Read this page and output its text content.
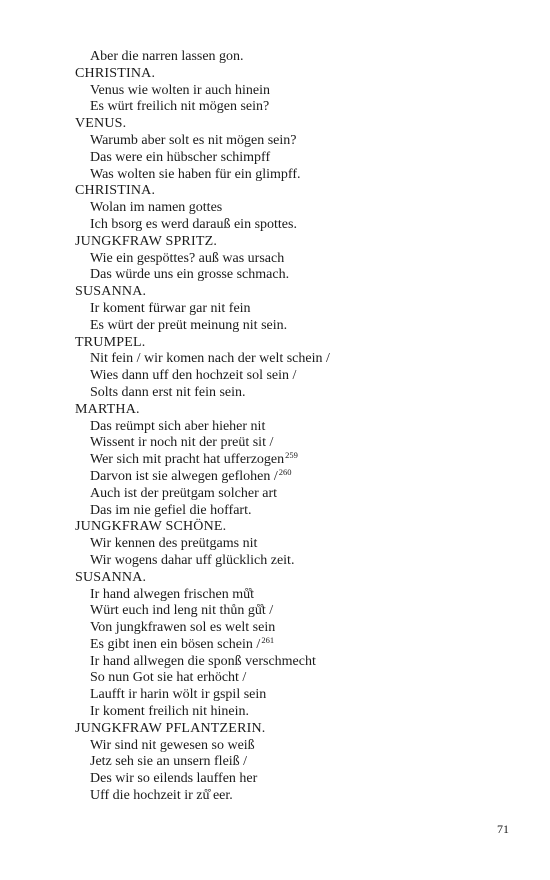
Aber die narren lassen gon.
CHRISTINA.
Venus wie wolten ir auch hinein
Es würt freilich nit mögen sein?
VENUS.
Warumb aber solt es nit mögen sein?
Das were ein hübscher schimpff
Was wolten sie haben für ein glimpff.
CHRISTINA.
Wolan im namen gottes
Ich bsorg es werd darauß ein spottes.
JUNGKFRAW SPRITZ.
Wie ein gespöttes? auß was ursach
Das würde uns ein grosse schmach.
SUSANNA.
Ir koment fürwar gar nit fein
Es würt der preüt meinung nit sein.
TRUMPEL.
Nit fein / wir komen nach der welt schein /
Wies dann uff den hochzeit sol sein /
Solts dann erst nit fein sein.
MARTHA.
Das reümpt sich aber hieher nit
Wissent ir noch nit der preüt sit /
Wer sich mit pracht hat ufferzogen$^{259}$
Darvon ist sie alwegen geflohen /$^{260}$
Auch ist der preütgam solcher art
Das im nie gefiel die hoffart.
JUNGKFRAW SCHÖNE.
Wir kennen des preütgams nit
Wir wogens dahar uff glücklich zeit.
SUSANNA.
Ir hand alwegen frischen mů̊t
Würt euch ind leng nit thůn gů̊t /
Von jungkfrawen sol es welt sein
Es gibt inen ein bösen schein /$^{261}$
Ir hand allwegen die sponß verschmecht
So nun Got sie hat erhöcht /
Laufft ir harin wölt ir gspil sein
Ir koment freilich nit hinein.
JUNGKFRAW PFLANTZERIN.
Wir sind nit gewesen so weiß
Jetz seh sie an unsern fleiß /
Des wir so eilends lauffen her
Uff die hochzeit ir zů̊ eer.
71
